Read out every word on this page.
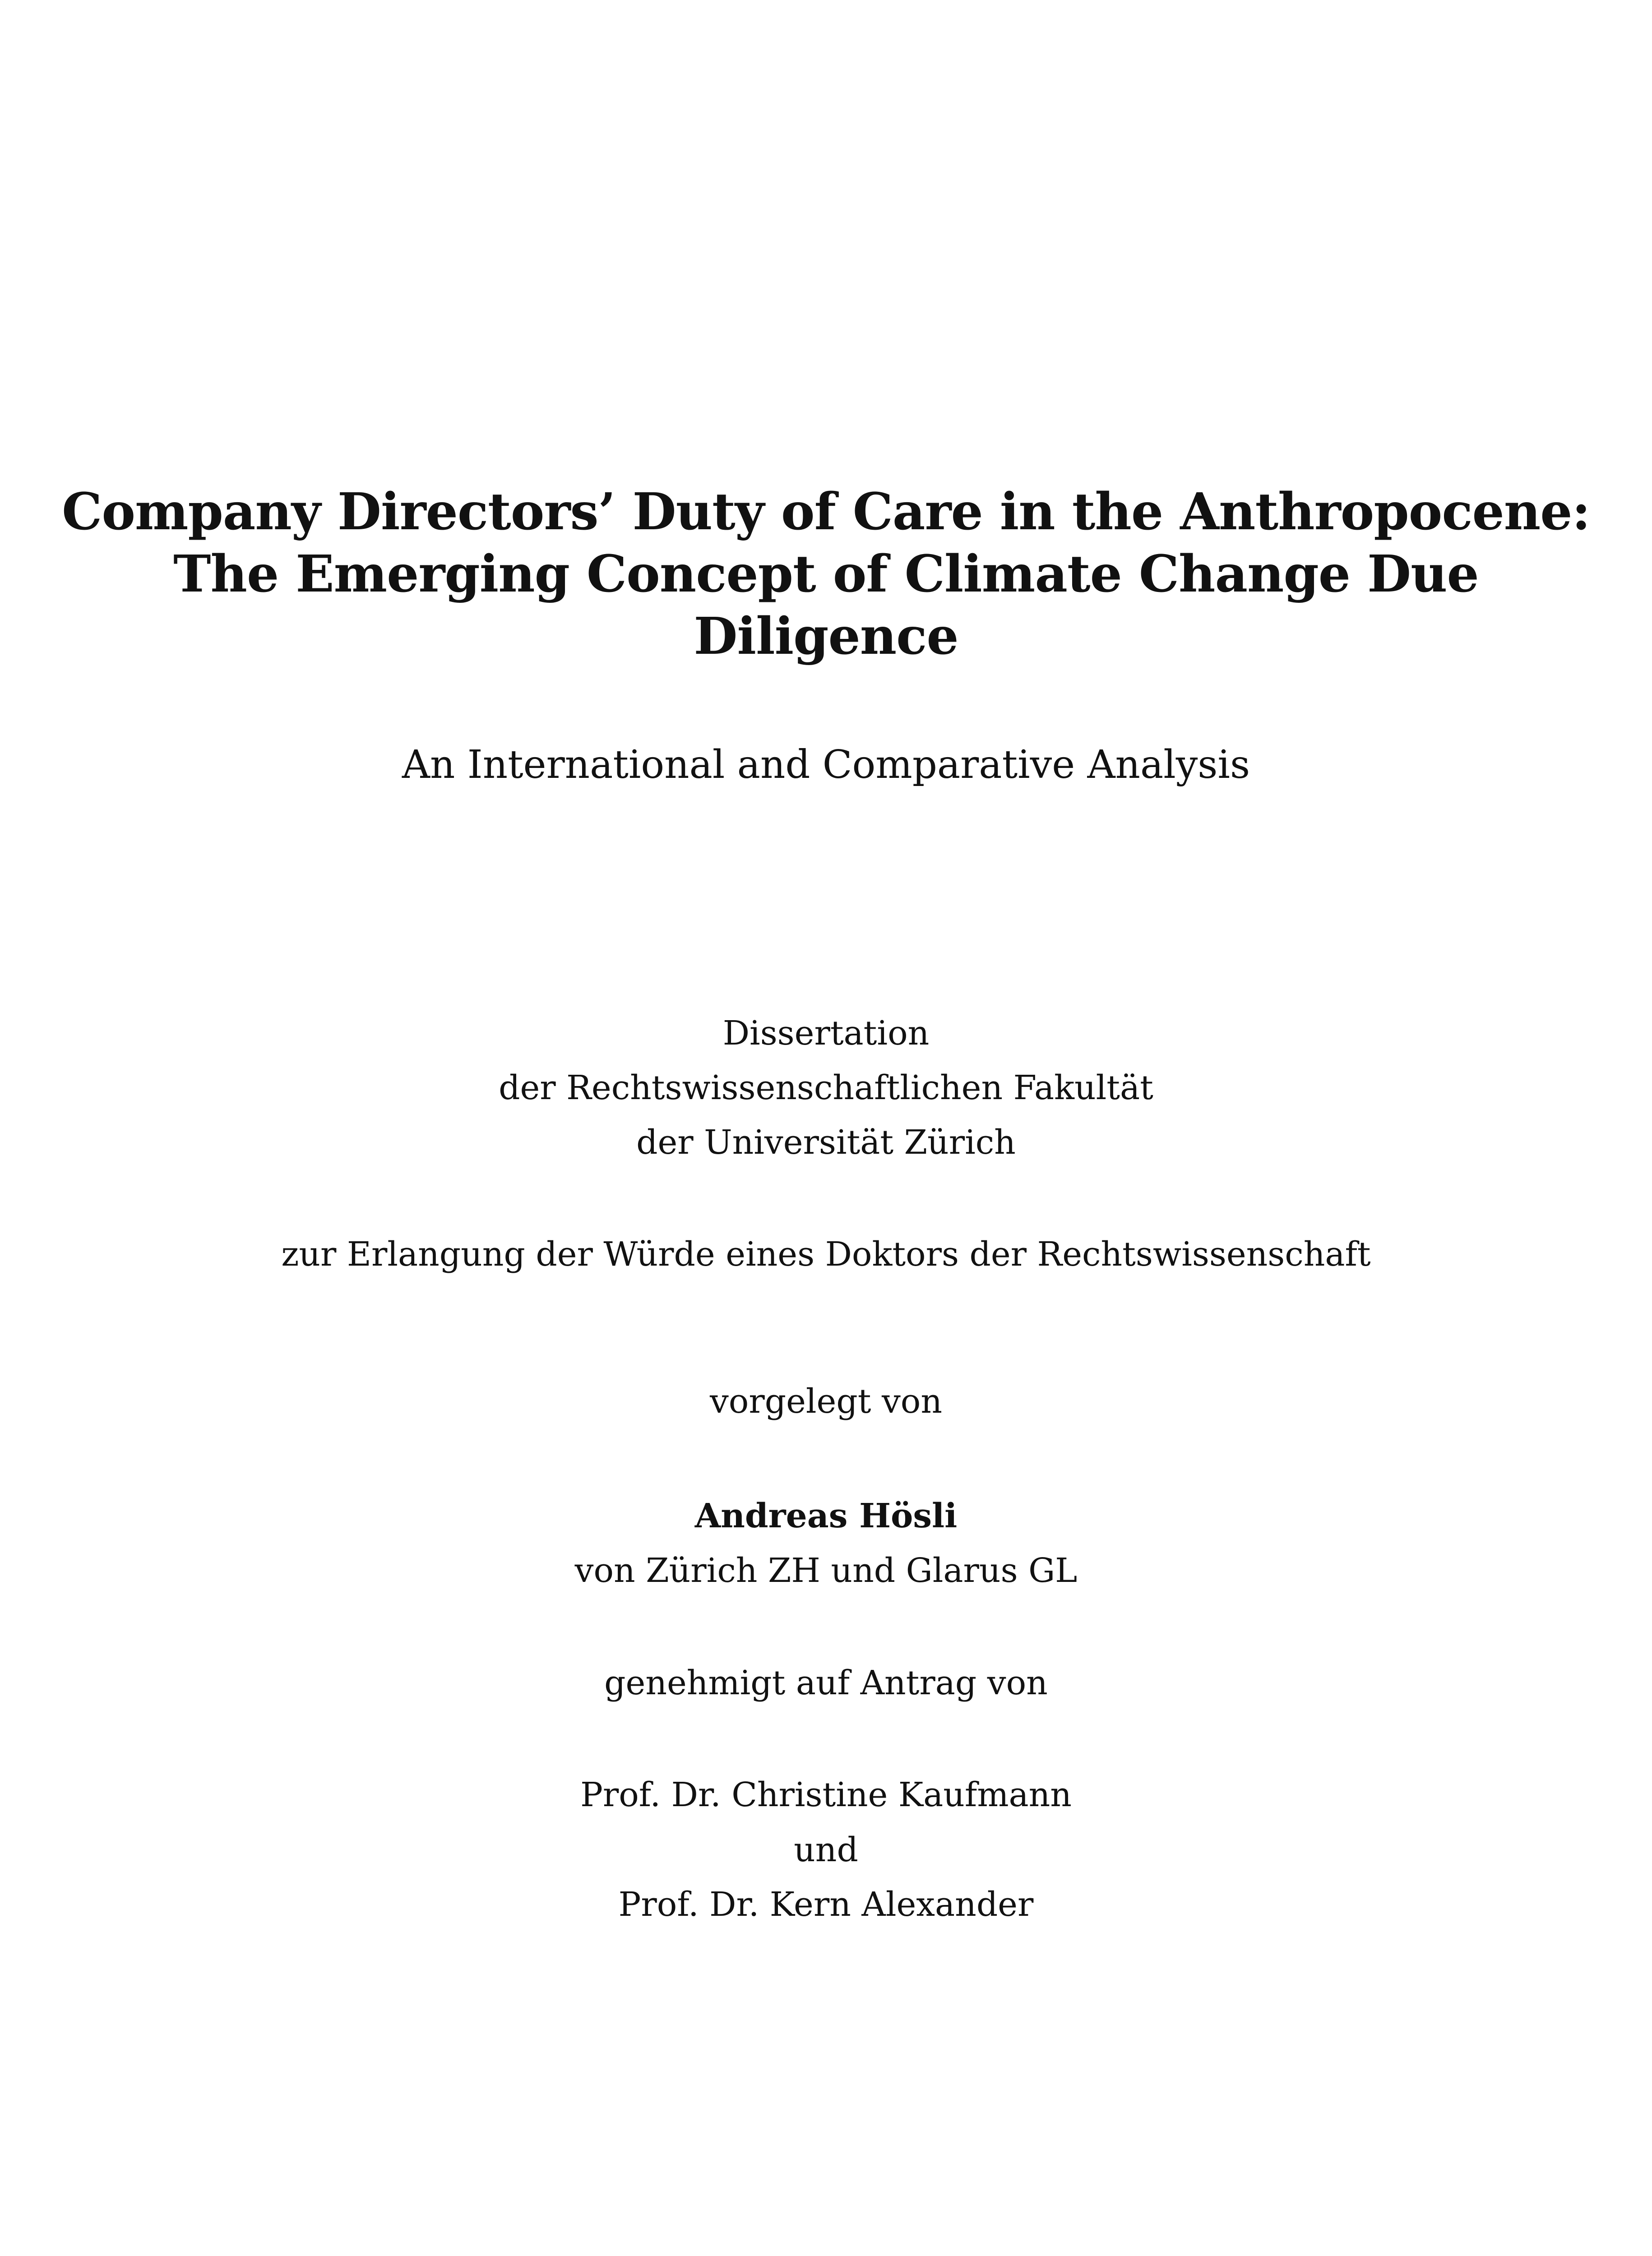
Company Directors’ Duty of Care in the Anthropocene:
The Emerging Concept of Climate Change Due
Diligence
An International and Comparative Analysis
Dissertation
der Rechtswissenschaftlichen Fakultät
der Universität Zürich
zur Erlangung der Würde eines Doktors der Rechtswissenschaft
vorgelegt von
Andreas Hösli
von Zürich ZH und Glarus GL
genehmigt auf Antrag von
Prof. Dr. Christine Kaufmann
und
Prof. Dr. Kern Alexander
